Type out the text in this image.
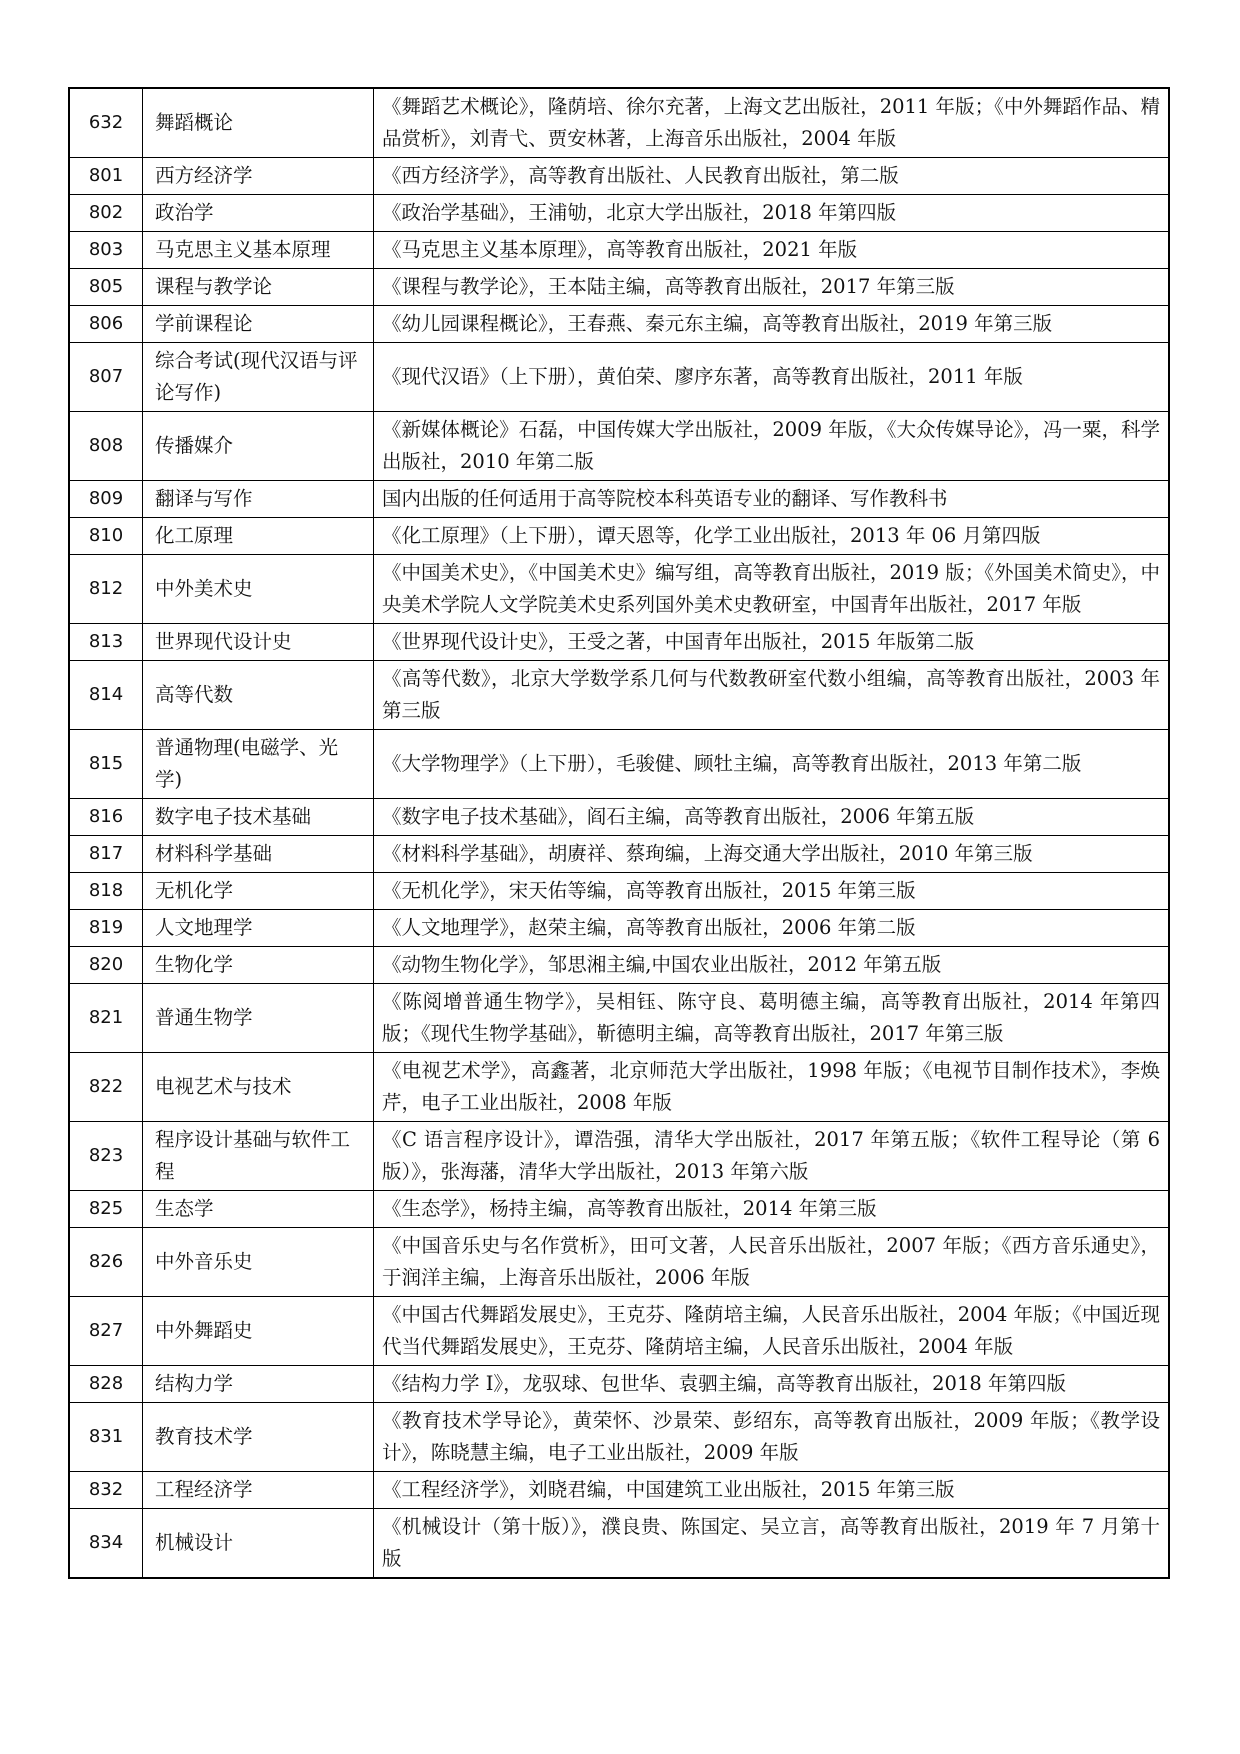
632	舞蹈概论	《舞蹈艺术概论》，隆荫培、徐尔充著，上海文艺出版社，2011 年版；《中外舞蹈作品、精品赏析》，刘青弋、贾安林著，上海音乐出版社，2004 年版
801	西方经济学	《西方经济学》，高等教育出版社、人民教育出版社，第二版
802	政治学	《政治学基础》，王浦劬，北京大学出版社，2018 年第四版
803	马克思主义基本原理	《马克思主义基本原理》，高等教育出版社，2021 年版
805	课程与教学论	《课程与教学论》，王本陆主编，高等教育出版社，2017 年第三版
806	学前课程论	《幼儿园课程概论》，王春燕、秦元东主编，高等教育出版社，2019 年第三版
807	综合考试(现代汉语与评论写作)	《现代汉语》（上下册），黄伯荣、廖序东著，高等教育出版社，2011 年版
808	传播媒介	《新媒体概论》石磊，中国传媒大学出版社，2009 年版，《大众传媒导论》，冯一粟，科学出版社，2010 年第二版
809	翻译与写作	国内出版的任何适用于高等院校本科英语专业的翻译、写作教科书
810	化工原理	《化工原理》（上下册），谭天恩等，化学工业出版社，2013 年 06 月第四版
812	中外美术史	《中国美术史》，《中国美术史》编写组，高等教育出版社，2019 版；《外国美术简史》，中央美术学院人文学院美术史系列国外美术史教研室，中国青年出版社，2017 年版
813	世界现代设计史	《世界现代设计史》，王受之著，中国青年出版社，2015 年版第二版
814	高等代数	《高等代数》，北京大学数学系几何与代数教研室代数小组编，高等教育出版社，2003 年第三版
815	普通物理(电磁学、光学)	《大学物理学》（上下册），毛骏健、顾牡主编，高等教育出版社，2013 年第二版
816	数字电子技术基础	《数字电子技术基础》，阎石主编，高等教育出版社，2006 年第五版
817	材料科学基础	《材料科学基础》，胡赓祥、蔡珣编，上海交通大学出版社，2010 年第三版
818	无机化学	《无机化学》，宋天佑等编，高等教育出版社，2015 年第三版
819	人文地理学	《人文地理学》，赵荣主编，高等教育出版社，2006 年第二版
820	生物化学	《动物生物化学》，邹思湘主编,中国农业出版社，2012 年第五版
821	普通生物学	《陈阅增普通生物学》，吴相钰、陈守良、葛明德主编，高等教育出版社，2014 年第四版；《现代生物学基础》，靳德明主编，高等教育出版社，2017 年第三版
822	电视艺术与技术	《电视艺术学》，高鑫著，北京师范大学出版社，1998 年版；《电视节目制作技术》，李焕芹，电子工业出版社，2008 年版
823	程序设计基础与软件工程	《C 语言程序设计》，谭浩强，清华大学出版社，2017 年第五版；《软件工程导论（第 6 版）》，张海藩，清华大学出版社，2013 年第六版
825	生态学	《生态学》，杨持主编，高等教育出版社，2014 年第三版
826	中外音乐史	《中国音乐史与名作赏析》，田可文著，人民音乐出版社，2007 年版；《西方音乐通史》，于润洋主编，上海音乐出版社，2006 年版
827	中外舞蹈史	《中国古代舞蹈发展史》，王克芬、隆荫培主编，人民音乐出版社，2004 年版；《中国近现代当代舞蹈发展史》，王克芬、隆荫培主编，人民音乐出版社，2004 年版
828	结构力学	《结构力学 I》，龙驭球、包世华、袁驷主编，高等教育出版社，2018 年第四版
831	教育技术学	《教育技术学导论》，黄荣怀、沙景荣、彭绍东，高等教育出版社，2009 年版；《教学设计》，陈晓慧主编，电子工业出版社，2009 年版
832	工程经济学	《工程经济学》，刘晓君编，中国建筑工业出版社，2015 年第三版
834	机械设计	《机械设计（第十版）》，濮良贵、陈国定、吴立言，高等教育出版社，2019 年 7 月第十版
